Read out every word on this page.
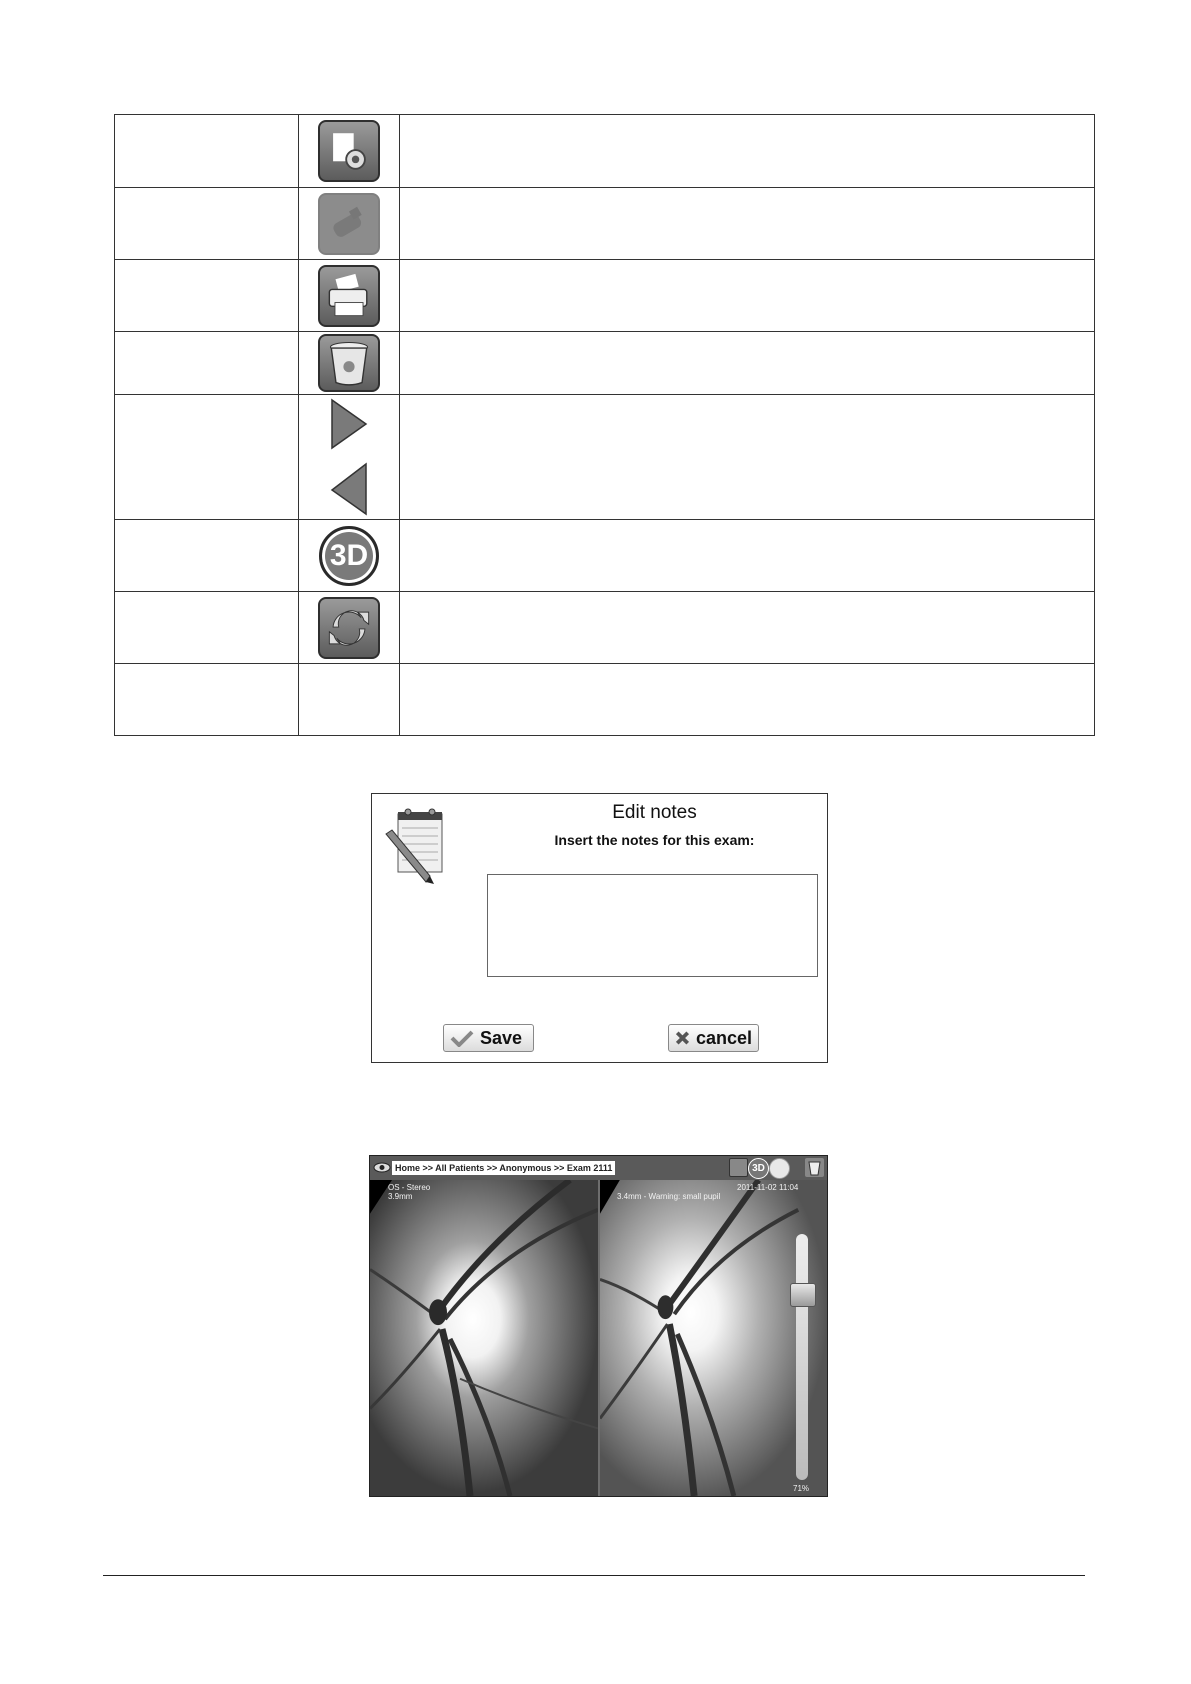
	3D	

Edit notes
Insert the notes for this exam:
Save	cancel
Home >> All Patients >> Anonymous >> Exam 2111	3D
OS - Stereo
3.9mm	3.4mm - Warning: small pupil
2011-11-02 11:04
71%
